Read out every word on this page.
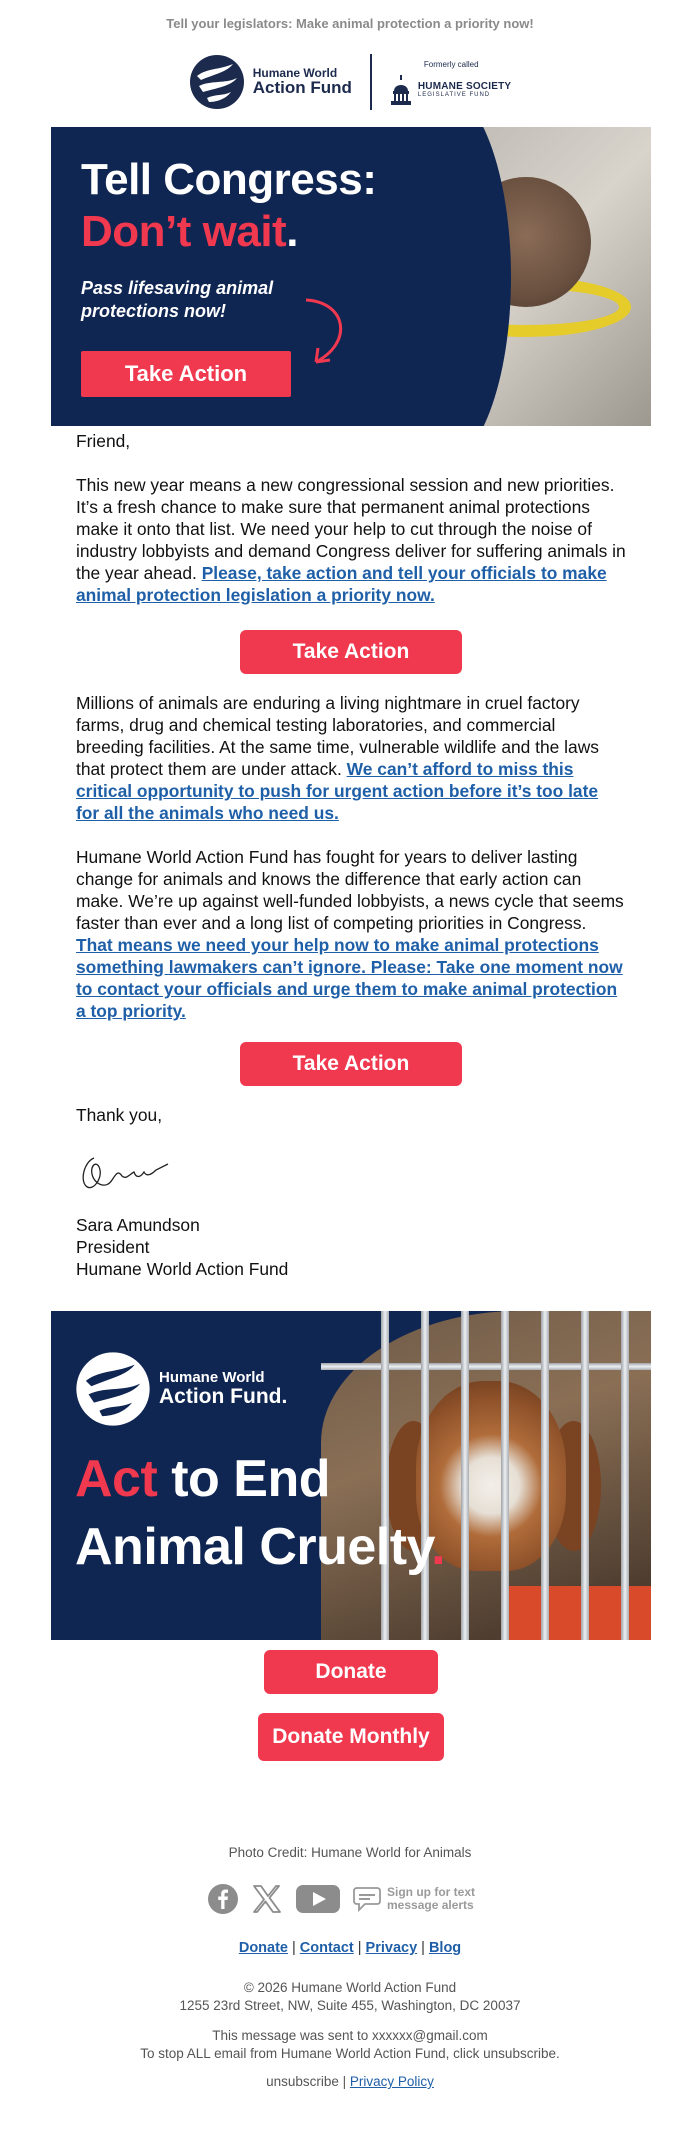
Tell your legislators: Make animal protection a priority now!
Humane World
Action Fund
Formerly called
HUMANE SOCIETY
LEGISLATIVE FUND
Tell Congress:
Don’t wait.
Pass lifesaving animal protections now!
Take Action

Friend,

This new year means a new congressional session and new priorities. It’s a fresh chance to make sure that permanent animal protections make it onto that list. We need your help to cut through the noise of industry lobbyists and demand Congress deliver for suffering animals in the year ahead. Please, take action and tell your officials to make animal protection legislation a priority now.

Take Action

Millions of animals are enduring a living nightmare in cruel factory farms, drug and chemical testing laboratories, and commercial breeding facilities. At the same time, vulnerable wildlife and the laws that protect them are under attack. We can’t afford to miss this critical opportunity to push for urgent action before it’s too late for all the animals who need us.

Humane World Action Fund has fought for years to deliver lasting change for animals and knows the difference that early action can make. We’re up against well-funded lobbyists, a news cycle that seems faster than ever and a long list of competing priorities in Congress. That means we need your help now to make animal protections something lawmakers can’t ignore. Please: Take one moment now to contact your officials and urge them to make animal protection a top priority.

Take Action

Thank you,

Sara Amundson

President

Humane World Action Fund

Humane World
Action Fund.
Act to End
Animal Cruelty.
Donate
Donate Monthly
Photo Credit: Humane World for Animals
Sign up for text
message alerts
Donate | Contact | Privacy | Blog
© 2026 Humane World Action Fund
1255 23rd Street, NW, Suite 455, Washington, DC 20037
This message was sent to xxxxxx@gmail.com
To stop ALL email from Humane World Action Fund, click unsubscribe.
unsubscribe | Privacy Policy
